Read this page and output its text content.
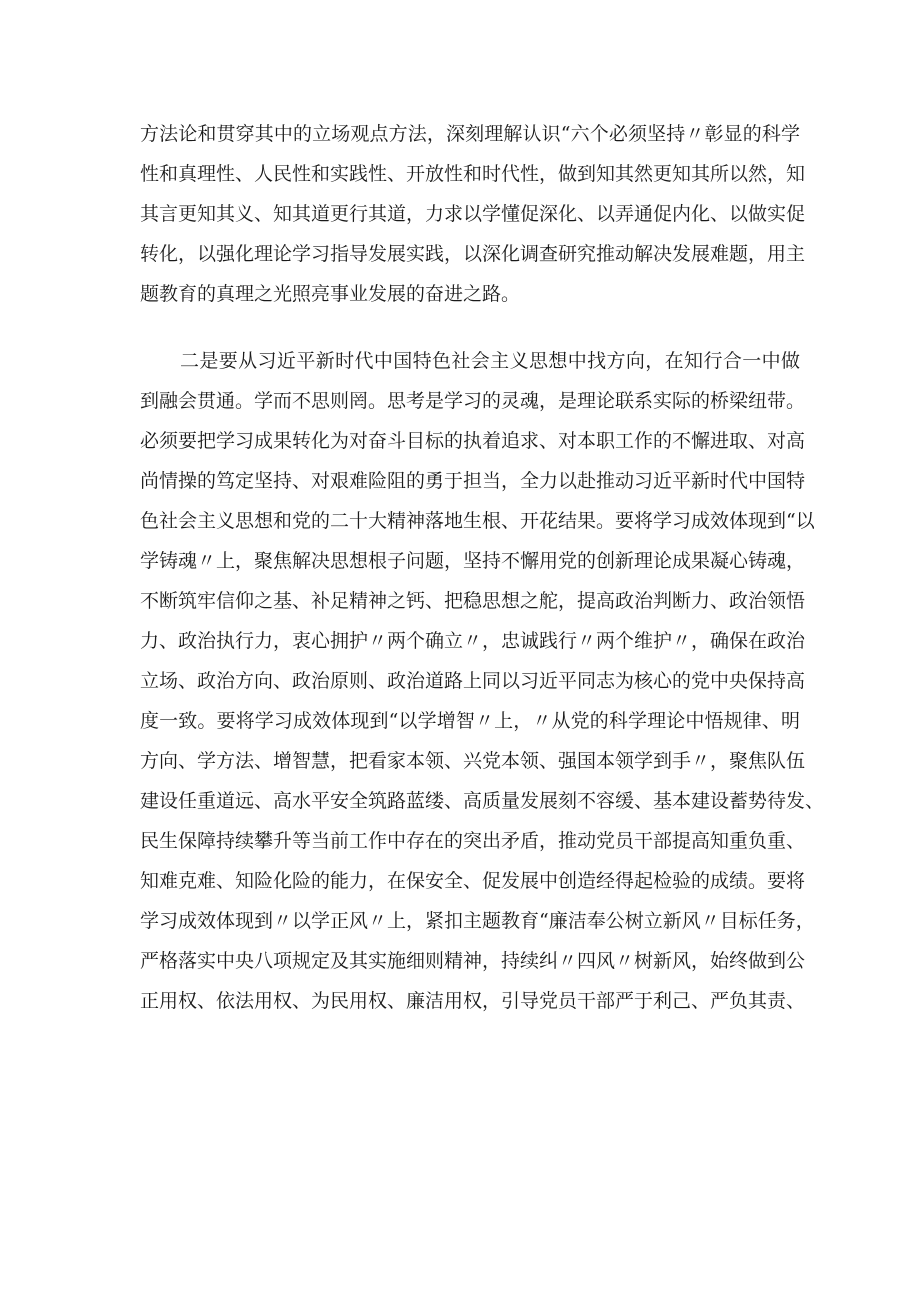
方法论和贯穿其中的立场观点方法，深刻理解认识“六个必须坚持〃彰显的科学
性和真理性、人民性和实践性、开放性和时代性，做到知其然更知其所以然，知
其言更知其义、知其道更行其道，力求以学懂促深化、以弄通促内化、以做实促
转化，以强化理论学习指导发展实践，以深化调查研究推动解决发展难题，用主
题教育的真理之光照亮事业发展的奋进之路。
二是要从习近平新时代中国特色社会主义思想中找方向，在知行合一中做
到融会贯通。学而不思则罔。思考是学习的灵魂，是理论联系实际的桥梁纽带。
必须要把学习成果转化为对奋斗目标的执着追求、对本职工作的不懈进取、对高
尚情操的笃定坚持、对艰难险阻的勇于担当，全力以赴推动习近平新时代中国特
色社会主义思想和党的二十大精神落地生根、开花结果。要将学习成效体现到“以
学铸魂〃上，聚焦解决思想根子问题，坚持不懈用党的创新理论成果凝心铸魂，
不断筑牢信仰之基、补足精神之钙、把稳思想之舵，提高政治判断力、政治领悟
力、政治执行力，衷心拥护〃两个确立〃，忠诚践行〃两个维护〃，确保在政治
立场、政治方向、政治原则、政治道路上同以习近平同志为核心的党中央保持高
度一致。要将学习成效体现到“以学增智〃上，〃从党的科学理论中悟规律、明
方向、学方法、增智慧，把看家本领、兴党本领、强国本领学到手〃，聚焦队伍
建设任重道远、高水平安全筑路蓝缕、高质量发展刻不容缓、基本建设蓄势待发、
民生保障持续攀升等当前工作中存在的突出矛盾，推动党员干部提高知重负重、
知难克难、知险化险的能力，在保安全、促发展中创造经得起检验的成绩。要将
学习成效体现到〃以学正风〃上，紧扣主题教育“廉洁奉公树立新风〃目标任务，
严格落实中央八项规定及其实施细则精神，持续纠〃四风〃树新风，始终做到公
正用权、依法用权、为民用权、廉洁用权，引导党员干部严于利己、严负其责、
